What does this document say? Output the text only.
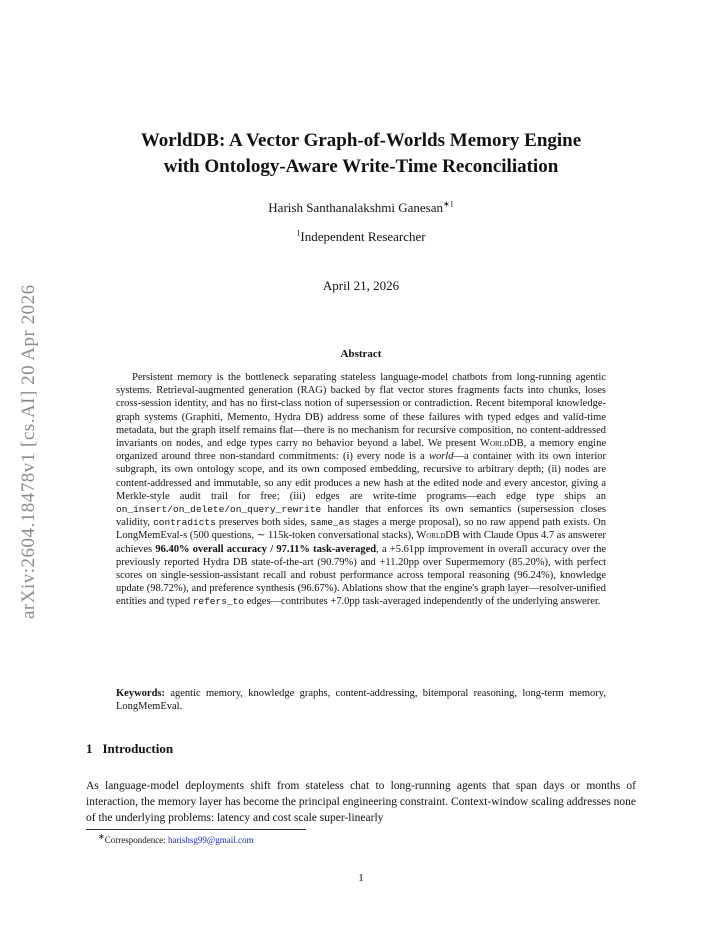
arXiv:2604.18478v1 [cs.AI] 20 Apr 2026
WorldDB: A Vector Graph-of-Worlds Memory Engine
with Ontology-Aware Write-Time Reconciliation
Harish Santhanalakshmi Ganesan$^{∗1}$
$^1$Independent Researcher
April 21, 2026
Abstract

Persistent memory is the bottleneck separating stateless language-model chatbots from long-running agentic systems. Retrieval-augmented generation (RAG) backed by flat vector stores fragments facts into chunks, loses cross-session identity, and has no first-class notion of supersession or contradiction. Recent bitemporal knowledge-graph systems (Graphiti, Memento, Hydra DB) address some of these failures with typed edges and valid-time metadata, but the graph itself remains flat—there is no mechanism for recursive composition, no content-addressed invariants on nodes, and edge types carry no behavior beyond a label. We present WorldDB, a memory engine organized around three non-standard commitments: (i) every node is a world—a container with its own interior subgraph, its own ontology scope, and its own composed embedding, recursive to arbitrary depth; (ii) nodes are content-addressed and immutable, so any edit produces a new hash at the edited node and every ancestor, giving a Merkle-style audit trail for free; (iii) edges are write-time programs—each edge type ships an on_insert/on_delete/on_query_rewrite handler that enforces its own semantics (supersession closes validity, contradicts preserves both sides, same_as stages a merge proposal), so no raw append path exists. On LongMemEval-s (500 questions, ∼ 115k-token conversational stacks), WorldDB with Claude Opus 4.7 as answerer achieves 96.40% overall accuracy / 97.11% task-averaged, a +5.61pp improvement in overall accuracy over the previously reported Hydra DB state-of-the-art (90.79%) and +11.20pp over Supermemory (85.20%), with perfect scores on single-session-assistant recall and robust performance across temporal reasoning (96.24%), knowledge update (98.72%), and preference synthesis (96.67%). Ablations show that the engine's graph layer—resolver-unified entities and typed refers_to edges—contributes +7.0pp task-averaged independently of the underlying answerer.

Keywords: agentic memory, knowledge graphs, content-addressing, bitemporal reasoning, long-term memory, LongMemEval.

1 Introduction

As language-model deployments shift from stateless chat to long-running agents that span days or months of interaction, the memory layer has become the principal engineering constraint. Context-window scaling addresses none of the underlying problems: latency and cost scale super-linearly

∗Correspondence: harishsg99@gmail.com
1
